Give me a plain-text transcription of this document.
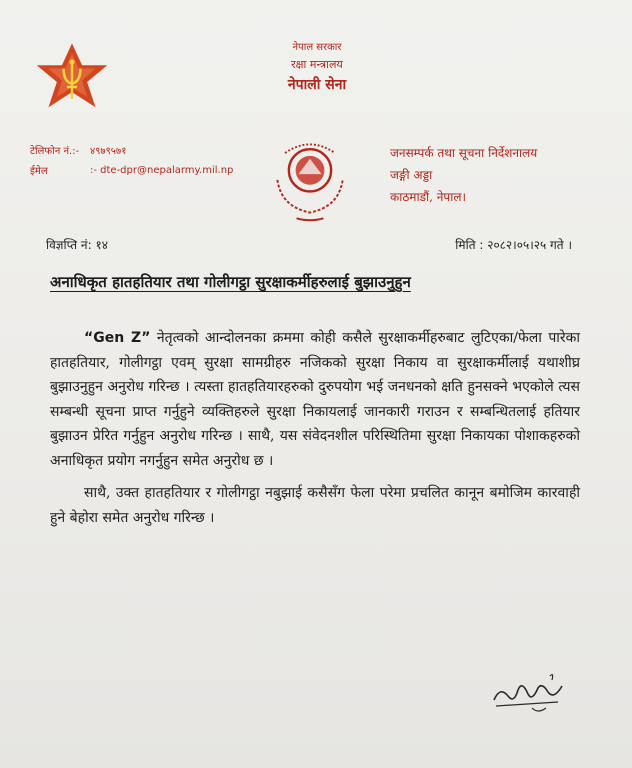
नेपाल सरकार
रक्षा मन्त्रालय
नेपाली सेना
टेलिफोन नं.:-	४९७९५७१
ईमेल	:- dte-dpr@nepalarmy.mil.np
जनसम्पर्क तथा सूचना निर्देशनालय
जङ्गी अड्डा
काठमाडौं, नेपाल।
विज्ञप्ति नं: १४	मिति : २०८२।०५।२५ गते ।
अनाधिकृत हातहतियार तथा गोलीगट्ठा सुरक्षाकर्मीहरुलाई बुझाउनुहुन

“Gen Z” नेतृत्वको आन्दोलनका क्रममा कोही कसैले सुरक्षाकर्मीहरुबाट लुटिएका/फेला पारेका हातहतियार, गोलीगट्ठा एवम् सुरक्षा सामग्रीहरु नजिकको सुरक्षा निकाय वा सुरक्षाकर्मीलाई यथाशीघ्र बुझाउनुहुन अनुरोध गरिन्छ । त्यस्ता हातहतियारहरुको दुरुपयोग भई जनधनको क्षति हुनसक्ने भएकोले त्यस सम्बन्धी सूचना प्राप्त गर्नुहुने व्यक्तिहरुले सुरक्षा निकायलाई जानकारी गराउन र सम्बन्धितलाई हतियार बुझाउन प्रेरित गर्नुहुन अनुरोध गरिन्छ । साथै, यस संवेदनशील परिस्थितिमा सुरक्षा निकायका पोशाकहरुको अनाधिकृत प्रयोग नगर्नुहुन समेत अनुरोध छ ।

साथै, उक्त हातहतियार र गोलीगट्ठा नबुझाई कसैसँग फेला परेमा प्रचलित कानून बमोजिम कारवाही हुने बेहोरा समेत अनुरोध गरिन्छ ।
